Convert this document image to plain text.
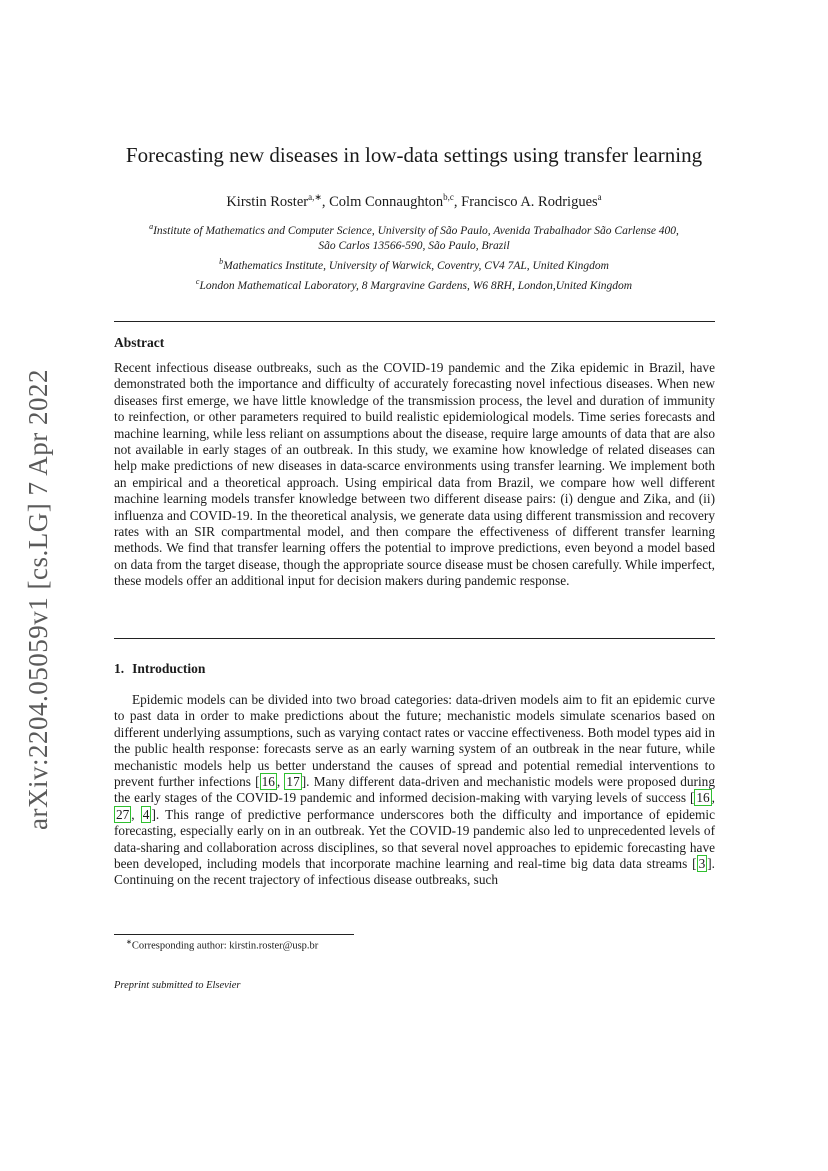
arXiv:2204.05059v1 [cs.LG] 7 Apr 2022
Forecasting new diseases in low-data settings using transfer learning
Kirstin Roster$^{a,∗}$, Colm Connaughton$^{b,c}$, Francisco A. Rodrigues$^a$
$^a$Institute of Mathematics and Computer Science, University of São Paulo, Avenida Trabalhador São Carlense 400,
São Carlos 13566-590, São Paulo, Brazil
$^b$Mathematics Institute, University of Warwick, Coventry, CV4 7AL, United Kingdom
$^c$London Mathematical Laboratory, 8 Margravine Gardens, W6 8RH, London,United Kingdom
Abstract
Recent infectious disease outbreaks, such as the COVID-19 pandemic and the Zika epidemic in Brazil, have demonstrated both the importance and difficulty of accurately forecasting novel infectious diseases. When new diseases first emerge, we have little knowledge of the transmission process, the level and duration of immunity to reinfection, or other parameters required to build realistic epidemiological models. Time series forecasts and machine learning, while less reliant on assumptions about the disease, require large amounts of data that are also not available in early stages of an outbreak. In this study, we examine how knowledge of related diseases can help make predictions of new diseases in data-scarce environments using transfer learning. We implement both an empirical and a theoretical approach. Using empirical data from Brazil, we compare how well different machine learning models transfer knowledge between two different disease pairs: (i) dengue and Zika, and (ii) influenza and COVID-19. In the theoretical analysis, we generate data using different transmission and recovery rates with an SIR compartmental model, and then compare the effectiveness of different transfer learning methods. We find that transfer learning offers the potential to improve predictions, even beyond a model based on data from the target disease, though the appropriate source disease must be chosen carefully. While imperfect, these models offer an additional input for decision makers during pandemic response.
1. Introduction
Epidemic models can be divided into two broad categories: data-driven models aim to fit an epidemic curve to past data in order to make predictions about the future; mechanistic models simulate scenarios based on different underlying assumptions, such as varying contact rates or vaccine effectiveness. Both model types aid in the public health response: forecasts serve as an early warning system of an outbreak in the near future, while mechanistic models help us better understand the causes of spread and potential remedial interventions to prevent further infections [ 16 , 17 ]. Many different data-driven and mechanistic models were proposed during the early stages of the COVID-19 pandemic and informed decision-making with varying levels of success [ 16 , 27 , 4 ]. This range of predictive performance underscores both the difficulty and importance of epidemic forecasting, especially early on in an outbreak. Yet the COVID-19 pandemic also led to unprecedented levels of data-sharing and collaboration across disciplines, so that several novel approaches to epidemic forecasting have been developed, including models that incorporate machine learning and real-time big data data streams [ 3 ]. Continuing on the recent trajectory of infectious disease outbreaks, such
∗Corresponding author: kirstin.roster@usp.br
Preprint submitted to Elsevier
